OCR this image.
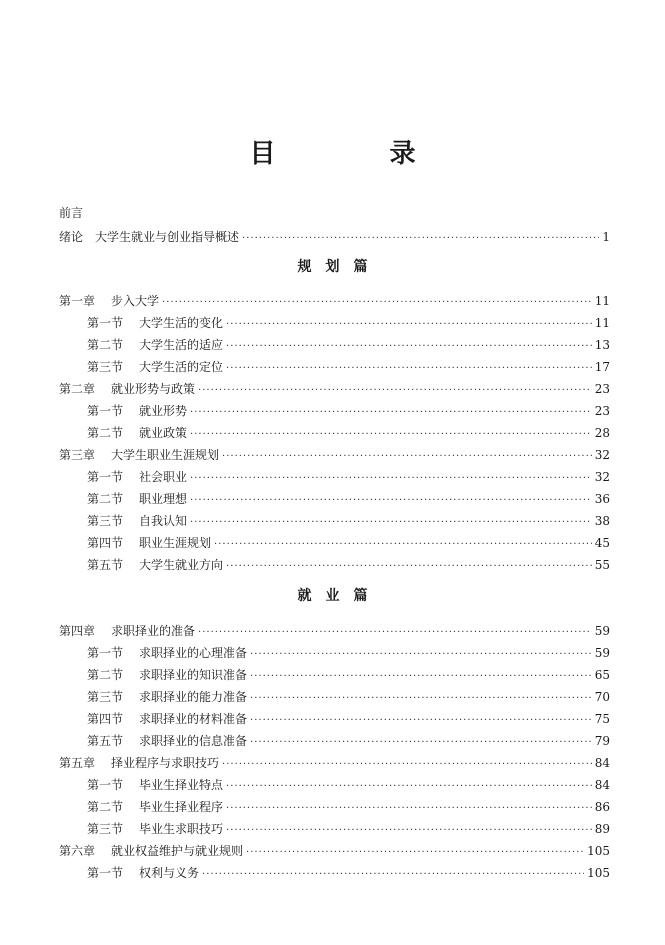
目　录
前言
绪论 大学生就业与创业指导概述 ·····	1
规划篇
第一章 步入大学 ·····	11
第一节 大学生活的变化 ·····	11
第二节 大学生活的适应 ·····	13
第三节 大学生活的定位 ·····	17
第二章 就业形势与政策 ·····	23
第一节 就业形势 ·····	23
第二节 就业政策 ·····	28
第三章 大学生职业生涯规划 ·····	32
第一节 社会职业 ·····	32
第二节 职业理想 ·····	36
第三节 自我认知 ·····	38
第四节 职业生涯规划 ·····	45
第五节 大学生就业方向 ·····	55
就业篇
第四章 求职择业的准备 ·····	59
第一节 求职择业的心理准备 ·····	59
第二节 求职择业的知识准备 ·····	65
第三节 求职择业的能力准备 ·····	70
第四节 求职择业的材料准备 ·····	75
第五节 求职择业的信息准备 ·····	79
第五章 择业程序与求职技巧 ·····	84
第一节 毕业生择业特点 ·····	84
第二节 毕业生择业程序 ·····	86
第三节 毕业生求职技巧 ·····	89
第六章 就业权益维护与就业规则 ·····	105
第一节 权利与义务 ·····	105
